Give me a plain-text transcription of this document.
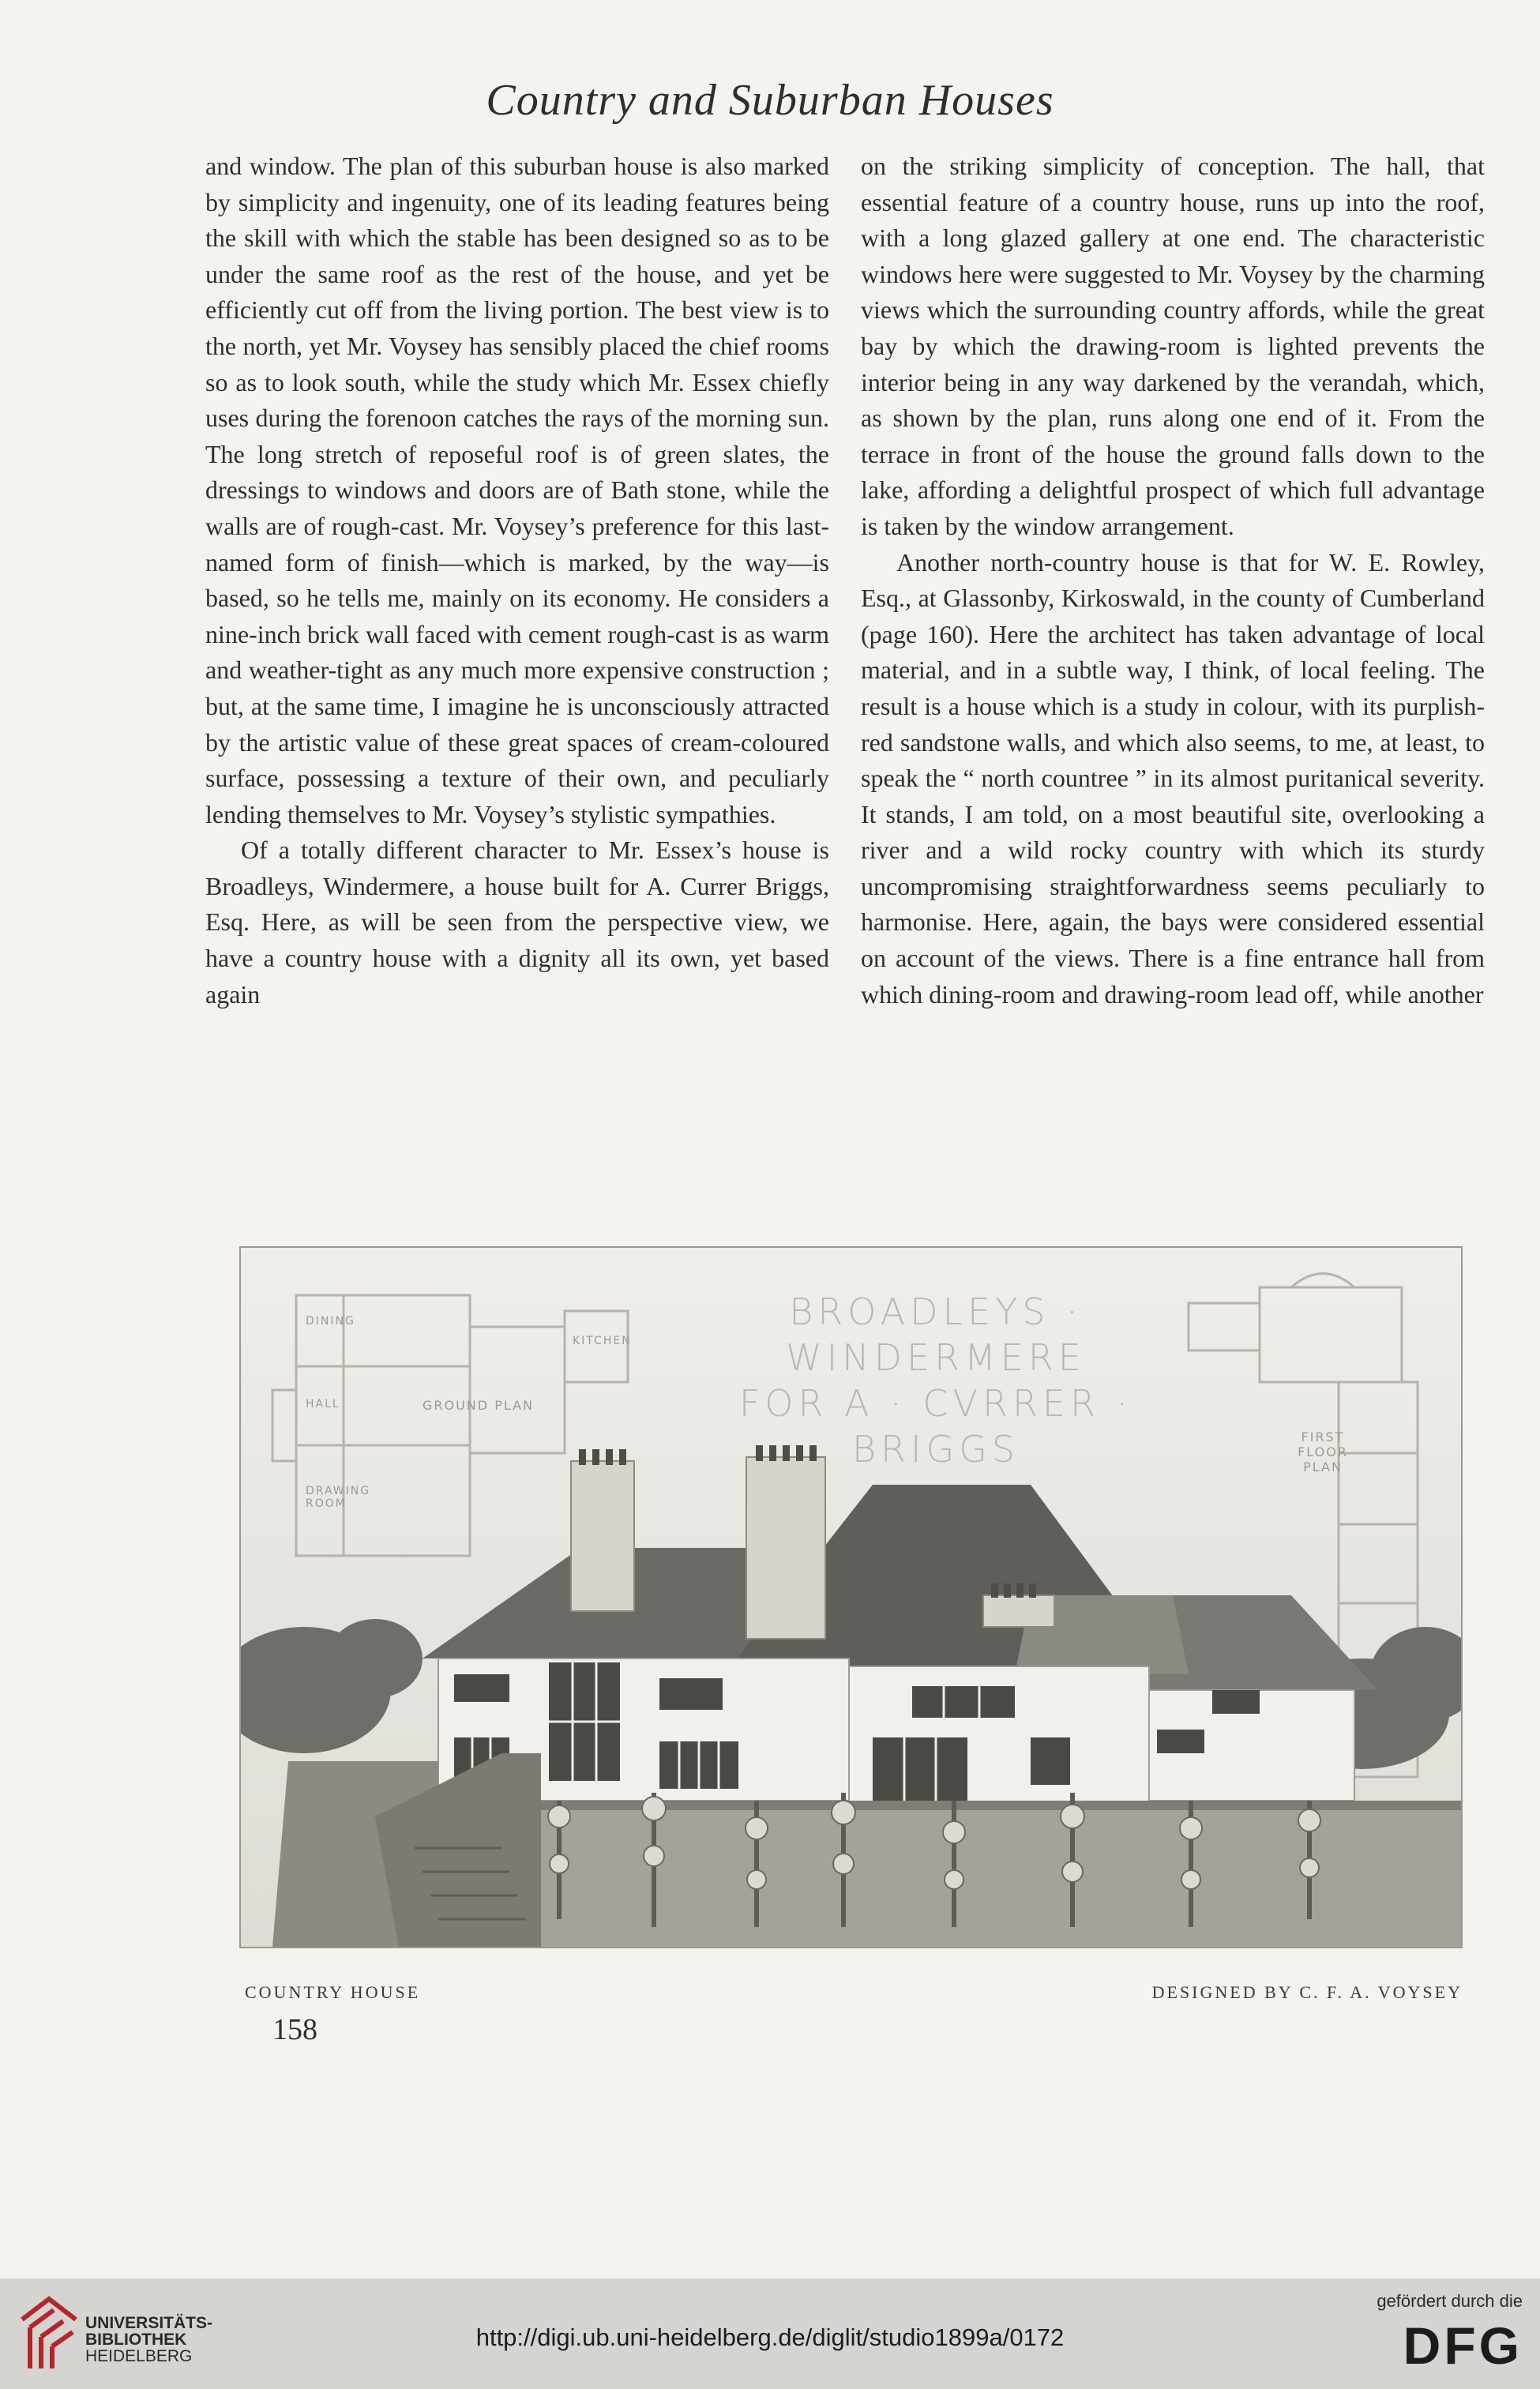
Country and Suburban Houses

and window. The plan of this suburban house is also marked by simplicity and ingenuity, one of its leading features being the skill with which the stable has been designed so as to be under the same roof as the rest of the house, and yet be efficiently cut off from the living portion. The best view is to the north, yet Mr. Voysey has sensibly placed the chief rooms so as to look south, while the study which Mr. Essex chiefly uses during the forenoon catches the rays of the morning sun. The long stretch of reposeful roof is of green slates, the dressings to windows and doors are of Bath stone, while the walls are of rough-cast. Mr. Voysey’s preference for this last-named form of finish—which is marked, by the way—is based, so he tells me, mainly on its economy. He considers a nine-inch brick wall faced with cement rough-cast is as warm and weather-tight as any much more expensive construction ; but, at the same time, I imagine he is unconsciously attracted by the artistic value of these great spaces of cream-coloured surface, possessing a texture of their own, and peculiarly lending themselves to Mr. Voysey’s stylistic sympathies.

Of a totally different character to Mr. Essex’s house is Broadleys, Windermere, a house built for A. Currer Briggs, Esq. Here, as will be seen from the perspective view, we have a country house with a dignity all its own, yet based again

on the striking simplicity of conception. The hall, that essential feature of a country house, runs up into the roof, with a long glazed gallery at one end. The characteristic windows here were suggested to Mr. Voysey by the charming views which the surrounding country affords, while the great bay by which the drawing-room is lighted prevents the interior being in any way darkened by the verandah, which, as shown by the plan, runs along one end of it. From the terrace in front of the house the ground falls down to the lake, affording a delightful prospect of which full advantage is taken by the window arrangement.

Another north-country house is that for W. E. Rowley, Esq., at Glassonby, Kirkoswald, in the county of Cumberland (page 160). Here the architect has taken advantage of local material, and in a subtle way, I think, of local feeling. The result is a house which is a study in colour, with its purplish-red sandstone walls, and which also seems, to me, at least, to speak the “ north countree ” in its almost puritanical severity. It stands, I am told, on a most beautiful site, overlooking a river and a wild rocky country with which its sturdy uncompromising straightforwardness seems peculiarly to harmonise. Here, again, the bays were considered essential on account of the views. There is a fine entrance hall from which dining-room and drawing-room lead off, while another

BROADLEYS · WINDERMERE
FOR A · CVRRER · BRIGGS
GROUND PLAN
FIRST FLOOR PLAN
DINING
HALL
DRAWING ROOM
KITCHEN
COUNTRY HOUSE	DESIGNED BY C. F. A. VOYSEY
158
UNIVERSITÄTS-
BIBLIOTHEK
HEIDELBERG
http://digi.ub.uni-heidelberg.de/diglit/studio1899a/0172
gefördert durch die
DFG
